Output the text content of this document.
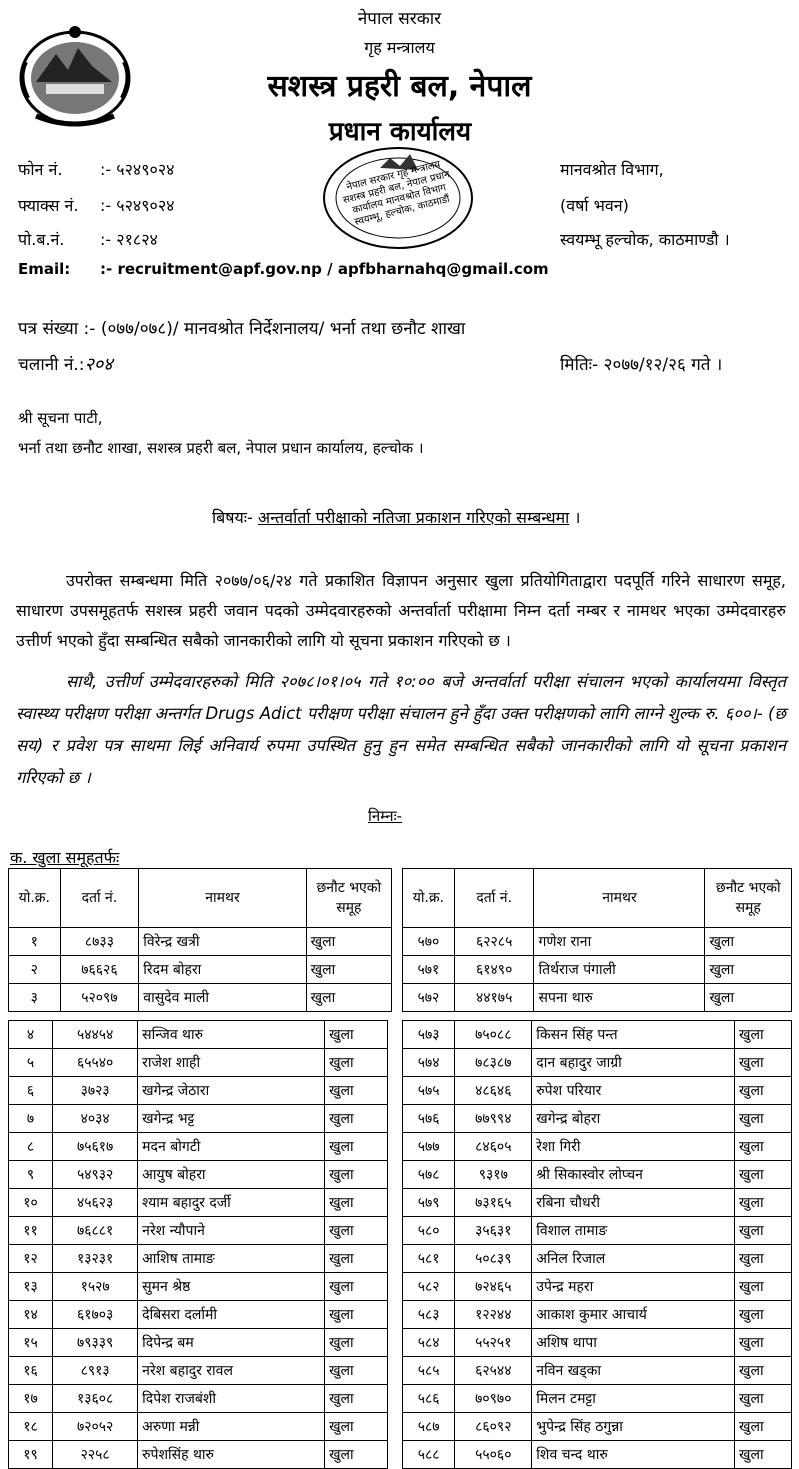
नेपाल सरकार
गृह मन्त्रालय
सशस्त्र प्रहरी बल, नेपाल
प्रधान कार्यालय
नेपाल सरकार गृह मन्त्रालय सशस्त्र प्रहरी बल, नेपाल प्रधान कार्यालय मानवश्रोत विभाग स्वयम्भू, हल्चोक, काठमाडौं
फोन नं. :- ५२४९०२४
फ्याक्स नं. :- ५२४९०२४
पो.ब.नं. :- २१८२४
Email: :- recruitment@apf.gov.np / apfbharnahq@gmail.com
मानवश्रोत विभाग,
(वर्षा भवन)
स्वयम्भू हल्चोक, काठमाण्डौ ।
पत्र संख्या :- (०७७/०७८)/ मानवश्रोत निर्देशनालय/ भर्ना तथा छनौट शाखा
चलानी नं.:२०४	मितिः- २०७७/१२/२६ गते ।
श्री सूचना पाटी,
भर्ना तथा छनौट शाखा, सशस्त्र प्रहरी बल, नेपाल प्रधान कार्यालय, हल्चोक ।
बिषयः- अन्तर्वार्ता परीक्षाको नतिजा प्रकाशन गरिएको सम्बन्धमा ।
उपरोक्त सम्बन्धमा मिति २०७७/०६/२४ गते प्रकाशित विज्ञापन अनुसार खुला प्रतियोगिताद्वारा पदपूर्ति गरिने साधारण समूह, साधारण उपसमूहतर्फ सशस्त्र प्रहरी जवान पदको उम्मेदवारहरुको अन्तर्वार्ता परीक्षामा निम्न दर्ता नम्बर र नामथर भएका उम्मेदवारहरु उत्तीर्ण भएको हुँदा सम्बन्धित सबैको जानकारीको लागि यो सूचना प्रकाशन गरिएको छ ।
साथै, उत्तीर्ण उम्मेदवारहरुको मिति २०७८।०१।०५ गते १०:०० बजे अन्तर्वार्ता परीक्षा संचालन भएको कार्यालयमा विस्तृत स्वास्थ्य परीक्षण परीक्षा अन्तर्गत Drugs Adict परीक्षण परीक्षा संचालन हुने हुँदा उक्त परीक्षणको लागि लाग्ने शुल्क रु. ६००।- (छ सय) र प्रवेश पत्र साथमा लिई अनिवार्य रुपमा उपस्थित हुनु हुन समेत सम्बन्धित सबैको जानकारीको लागि यो सूचना प्रकाशन गरिएको छ ।
निम्नः-
क. खुला समूहतर्फः
यो.क्र.	दर्ता नं.	नामथर	छनौट भएको समूह
१	८७३३	विरेन्द्र खत्री	खुला
२	७६६२६	रिदम बोहरा	खुला
३	५२०९७	वासुदेव माली	खुला
यो.क्र.	दर्ता नं.	नामथर	छनौट भएको समूह
५७०	६२२८५	गणेश राना	खुला
५७१	६१४९०	तिर्थराज पंगाली	खुला
५७२	४४१७५	सपना थारु	खुला
४	५४४५४	सन्जिव थारु	खुला
५	६५५४०	राजेश शाही	खुला
६	३७२३	खगेन्द्र जेठारा	खुला
७	४०३४	खगेन्द्र भट्ट	खुला
८	७५६१७	मदन बोगटी	खुला
९	५४९३२	आयुष बोहरा	खुला
१०	४५६२३	श्याम बहादुर दर्जी	खुला
११	७६८८१	नरेश न्यौपाने	खुला
१२	१३२३१	आशिष तामाङ	खुला
१३	१५२७	सुमन श्रेष्ठ	खुला
१४	६१७०३	देबिसरा दर्लामी	खुला
१५	७९३३९	दिपेन्द्र बम	खुला
१६	८९१३	नरेश बहादुर रावल	खुला
१७	१३६०८	दिपेश राजबंशी	खुला
१८	७२०५२	अरुणा मन्नी	खुला
१९	२२५८	रुपेशसिंह थारु	खुला
५७३	७५०८८	किसन सिंह पन्त	खुला
५७४	७८३८७	दान बहादुर जाग्री	खुला
५७५	४८६४६	रुपेश परियार	खुला
५७६	७७९९४	खगेन्द्र बोहरा	खुला
५७७	८४६०५	रेशा गिरी	खुला
५७८	९३१७	श्री सिकास्वोर लोप्चन	खुला
५७९	७३१६५	रबिना चौधरी	खुला
५८०	३५६३१	विशाल तामाङ	खुला
५८१	५०८३९	अनिल रिजाल	खुला
५८२	७२४६५	उपेन्द्र महरा	खुला
५८३	१२२४४	आकाश कुमार आचार्य	खुला
५८४	५५२५१	अशिष थापा	खुला
५८५	६२५४४	नविन खड्का	खुला
५८६	७०९७०	मिलन टमट्टा	खुला
५८७	८६०९२	भुपेन्द्र सिंह ठगुन्ना	खुला
५८८	५५०६०	शिव चन्द थारु	खुला
